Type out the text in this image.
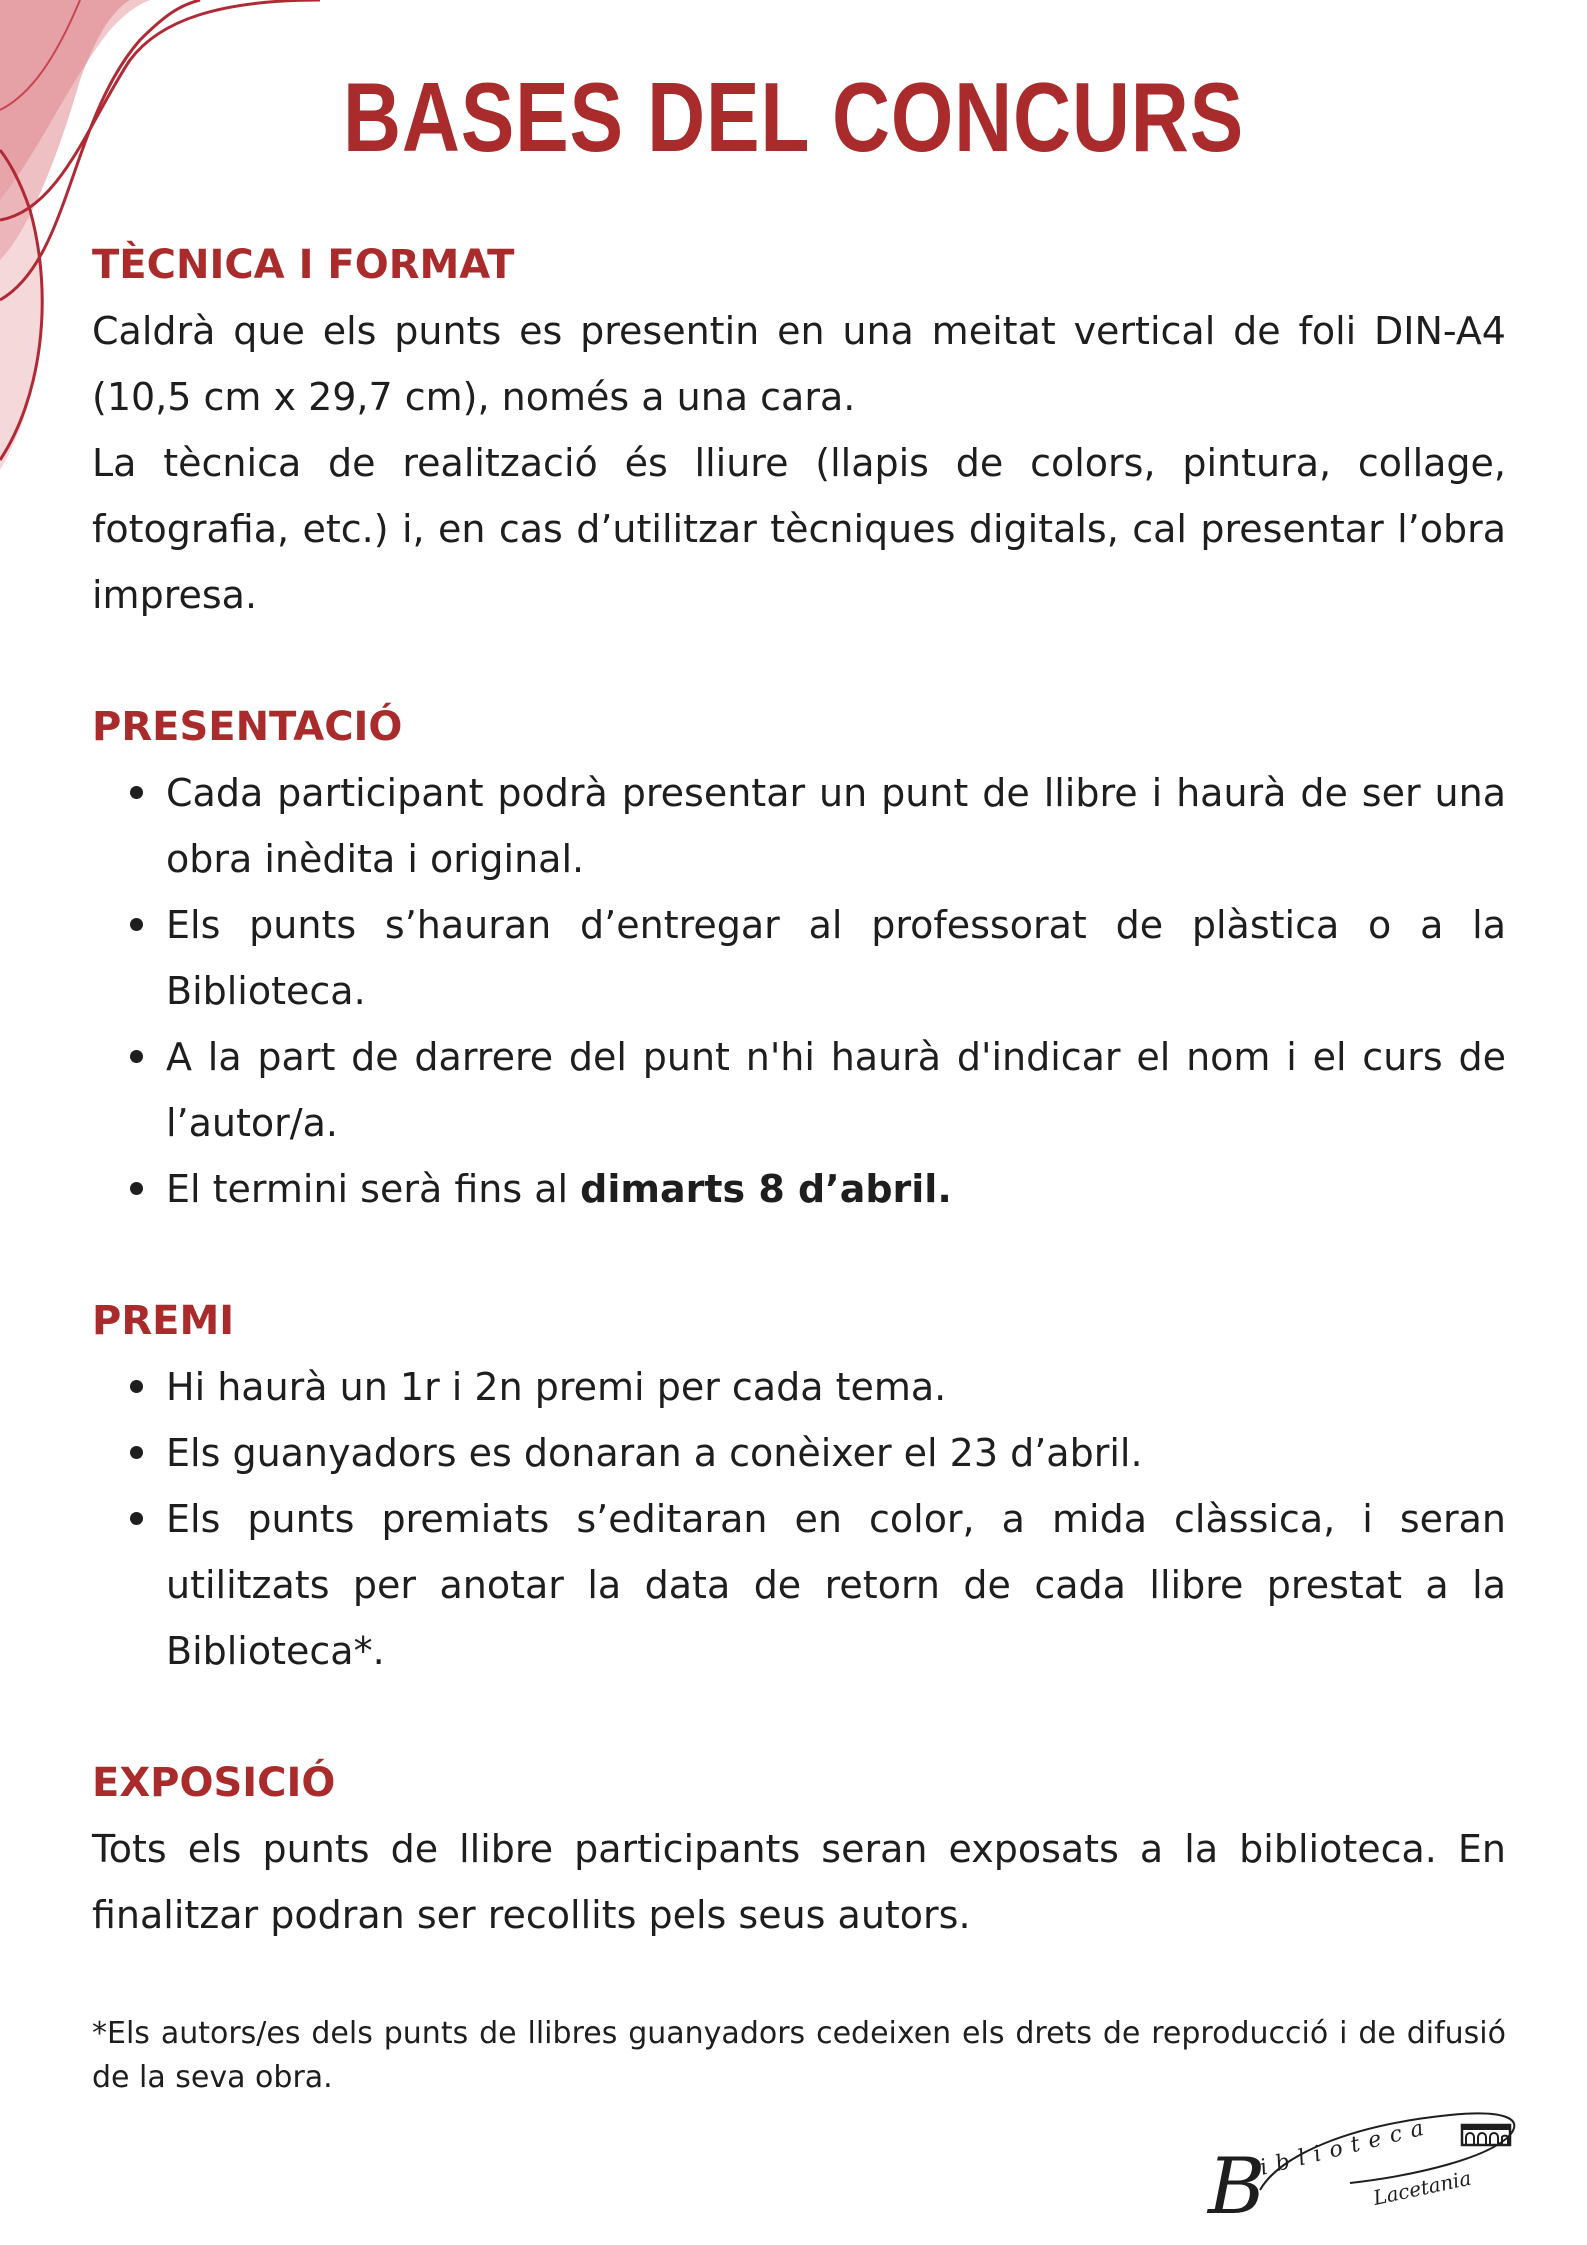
BASES DEL CONCURS

TÈCNICA I FORMAT

Caldrà que els punts es presentin en una meitat vertical de foli DIN-A4 (10,5 cm x 29,7 cm), només a una cara.

La tècnica de realització és lliure (llapis de colors, pintura, collage, fotografia, etc.) i, en cas d’utilitzar tècniques digitals, cal presentar l’obra impresa.

PRESENTACIÓ

Cada participant podrà presentar un punt de llibre i haurà de ser una obra inèdita i original.
Els punts s’hauran d’entregar al professorat de plàstica o a la Biblioteca.
A la part de darrere del punt n'hi haurà d'indicar el nom i el curs de l’autor/a.
El termini serà fins al dimarts 8 d’abril.

PREMI

Hi haurà un 1r i 2n premi per cada tema.
Els guanyadors es donaran a conèixer el 23 d’abril.
Els punts premiats s’editaran en color, a mida clàssica, i seran utilitzats per anotar la data de retorn de cada llibre prestat a la Biblioteca*.

EXPOSICIÓ

Tots els punts de llibre participants seran exposats a la biblioteca. En finalitzar podran ser recollits pels seus autors.

*Els autors/es dels punts de llibres guanyadors cedeixen els drets de reproducció i de difusió de la seva obra.

B
iblioteca
Lacetania
